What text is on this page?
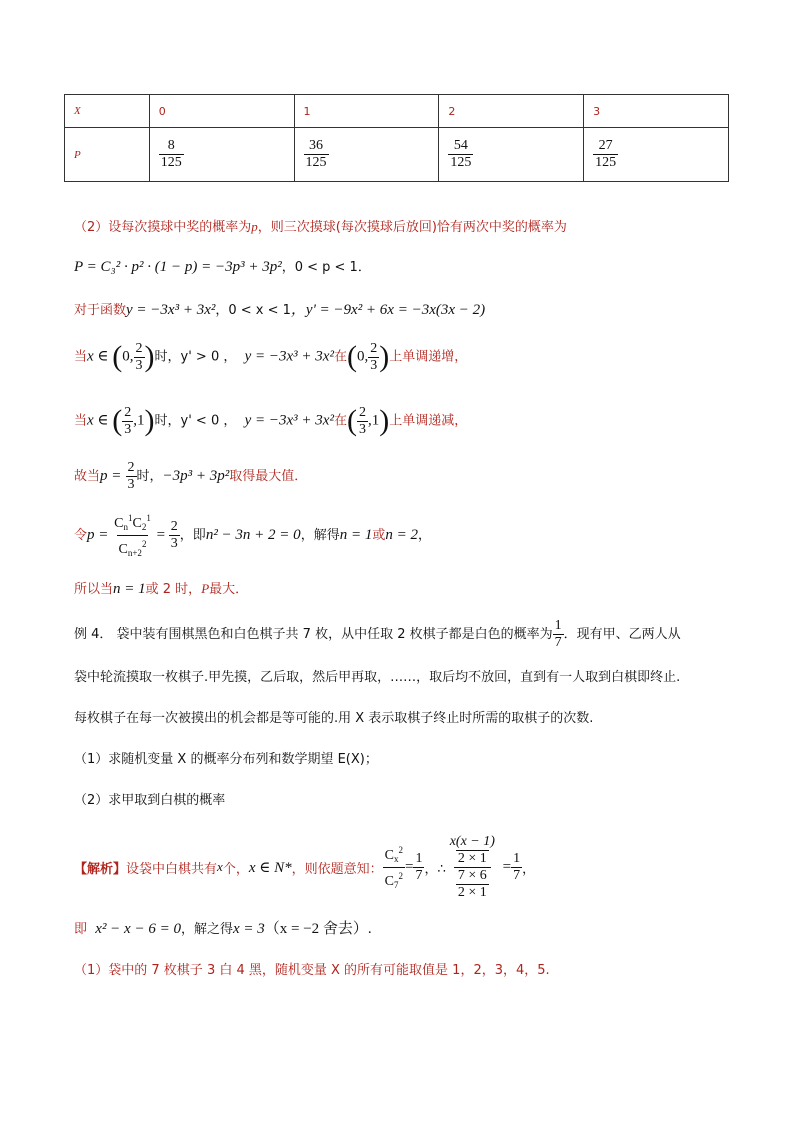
X	0	1	2	3
P	$\frac{8}{125}$	$\frac{36}{125}$	$\frac{54}{125}$	$\frac{27}{125}$
（2）设每次摸球中奖的概率为p，则三次摸球(每次摸球后放回)恰有两次中奖的概率为
P = C₃² · p² · (1 − p) = −3p³ + 3p²，0 < p < 1．
对于函数y = −3x³ + 3x²，0 < x < 1，y' = −9x² + 6x = −3x(3x − 2)
当x ∈ (0, $\frac{2}{3}$ )时，y' > 0 ， y = −3x³ + 3x²在(0, $\frac{2}{3}$ )上单调递增，
当x ∈ ( $\frac{2}{3} ,1$)时，y' < 0 ， y = −3x³ + 3x²在( $\frac{2}{3} ,1$)上单调递减，
故当$p = \frac{2}{3}$ 时，−3p³ + 3p²取得最大值．
令$p = \frac{C_n^1C_2^1}{C_{n+2}^2} = \frac{2}{3}$ ，即n² − 3n + 2 = 0，解得n = 1或n = 2，
所以当n = 1或 2 时，P最大．
例 4． 袋中装有围棋黑色和白色棋子共 7 枚，从中任取 2 枚棋子都是白色的概率为 $\frac{1}{7}$ ．现有甲、乙两人从
袋中轮流摸取一枚棋子.甲先摸，乙后取，然后甲再取，……，取后均不放回，直到有一人取到白棋即终止.
每枚棋子在每一次被摸出的机会都是等可能的.用 X 表示取棋子终止时所需的取棋子的次数.
（1）求随机变量 X 的概率分布列和数学期望 E(X)；
（2）求甲取到白棋的概率
【解析】 设袋中白棋共有 x 个， x ∈ N* ，则依题意知： $\frac{C_x^2}{C_7^2} = \frac{1}{7}$ ，∴ $\frac{\frac{x(x - 1)}{2 \times 1}}{\frac{7 \times 6}{2 \times 1}} = \frac{1}{7}$ ，
即 x² − x − 6 = 0，解之得x = 3（x = −2 舍去）.
（1）袋中的 7 枚棋子 3 白 4 黑，随机变量 X 的所有可能取值是 1，2，3，4，5.
